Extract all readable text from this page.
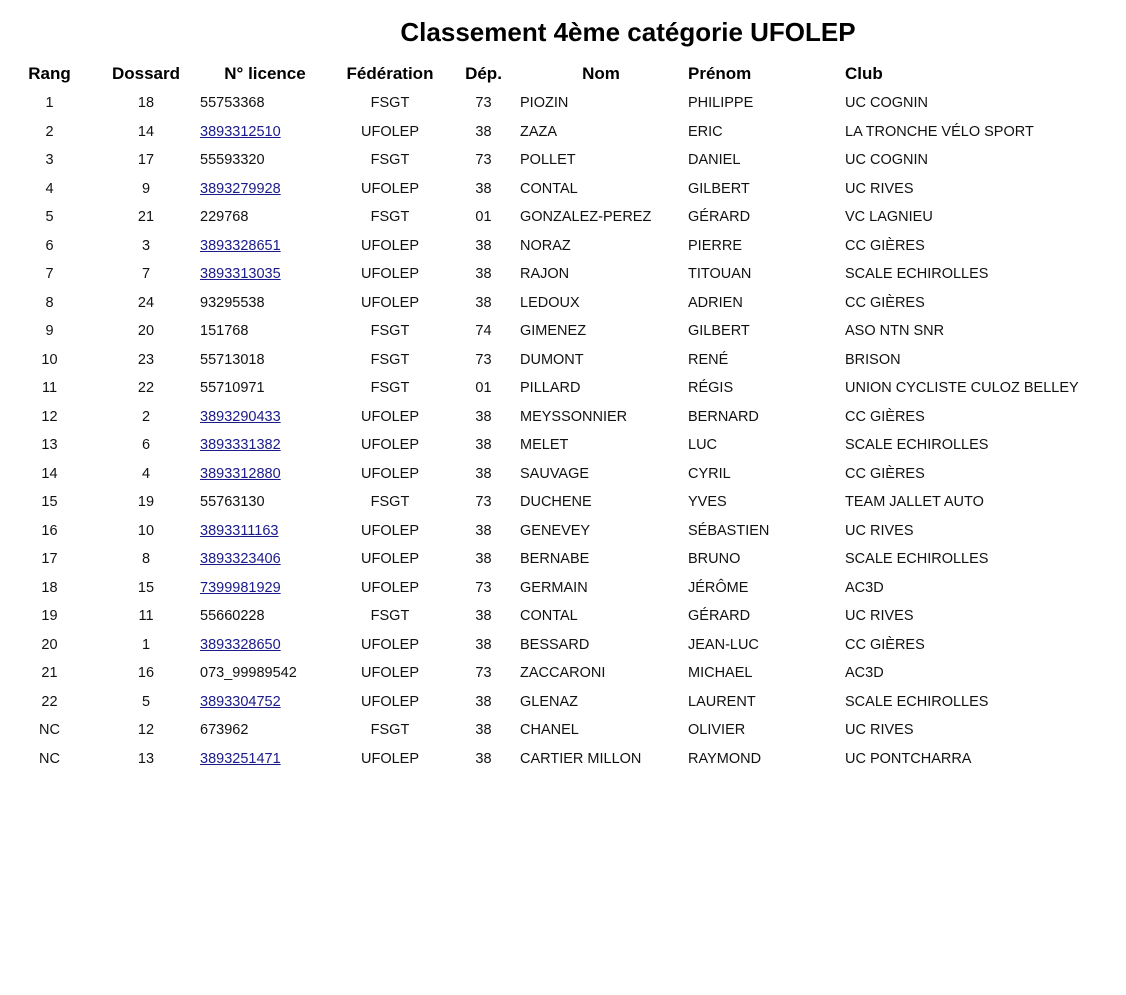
Classement 4ème catégorie UFOLEP
Rang	Dossard	N° licence	Fédération	Dép.	Nom	Prénom	Club
1	18	55753368	FSGT	73	PIOZIN	PHILIPPE	UC COGNIN
2	14	3893312510	UFOLEP	38	ZAZA	ERIC	LA TRONCHE VÉLO SPORT
3	17	55593320	FSGT	73	POLLET	DANIEL	UC COGNIN
4	9	3893279928	UFOLEP	38	CONTAL	GILBERT	UC RIVES
5	21	229768	FSGT	01	GONZALEZ-PEREZ	GÉRARD	VC LAGNIEU
6	3	3893328651	UFOLEP	38	NORAZ	PIERRE	CC GIÈRES
7	7	3893313035	UFOLEP	38	RAJON	TITOUAN	SCALE ECHIROLLES
8	24	93295538	UFOLEP	38	LEDOUX	ADRIEN	CC GIÈRES
9	20	151768	FSGT	74	GIMENEZ	GILBERT	ASO NTN SNR
10	23	55713018	FSGT	73	DUMONT	RENÉ	BRISON
11	22	55710971	FSGT	01	PILLARD	RÉGIS	UNION CYCLISTE CULOZ BELLEY
12	2	3893290433	UFOLEP	38	MEYSSONNIER	BERNARD	CC GIÈRES
13	6	3893331382	UFOLEP	38	MELET	LUC	SCALE ECHIROLLES
14	4	3893312880	UFOLEP	38	SAUVAGE	CYRIL	CC GIÈRES
15	19	55763130	FSGT	73	DUCHENE	YVES	TEAM JALLET AUTO
16	10	3893311163	UFOLEP	38	GENEVEY	SÉBASTIEN	UC RIVES
17	8	3893323406	UFOLEP	38	BERNABE	BRUNO	SCALE ECHIROLLES
18	15	7399981929	UFOLEP	73	GERMAIN	JÉRÔME	AC3D
19	11	55660228	FSGT	38	CONTAL	GÉRARD	UC RIVES
20	1	3893328650	UFOLEP	38	BESSARD	JEAN-LUC	CC GIÈRES
21	16	073_99989542	UFOLEP	73	ZACCARONI	MICHAEL	AC3D
22	5	3893304752	UFOLEP	38	GLENAZ	LAURENT	SCALE ECHIROLLES
NC	12	673962	FSGT	38	CHANEL	OLIVIER	UC RIVES
NC	13	3893251471	UFOLEP	38	CARTIER MILLON	RAYMOND	UC PONTCHARRA
